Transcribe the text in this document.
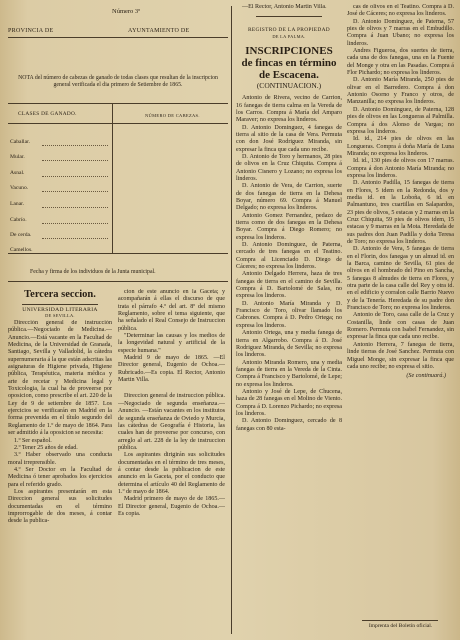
Número 3º
PROVINCIA DE	AYUNTAMIENTO DE
NOTA del número de cabezas de ganado de todas clases que resultan de la inscripcion general verificada el dia primero de Setiembre de 1865.
CLASES DE GANADO.	NÚMERO DE CABEZAS.
Caballar.
Mular.
Asnal.
Vacuno.
Lanar.
Cabrío.
De cerda.
Camellos.
Fecha y firma de los individuos de la Junta municipal.
Tercera seccion.
UNIVERSIDAD LITERARIA
DE SEVILLA.

Dirección general de instrucción pública.—Negociado de Medicina.—Anuncio.—Está vacante en la Facultad de Medicina, de la Universidad de Granada, Santiago, Sevilla y Valladolid, la cátedra supernumeraria á la que están adscritas las asignaturas de Higiene privada, Higiene pública, Terapéutica, materia médica y arte de recetar y Medicina legal y Toxicologia, la cual ha de proveerse por oposicion, como prescribe el art. 220 de la Ley de 9 de setiembre de 1857. Los ejercicios se verificarán en Madrid en la forma prevenida en el título segundo del Reglamento de 1.º de mayo de 1864. Para ser admitido á la oposicion se necesita:

1.º Ser español.

2.º Tener 25 años de edad.

3.º Haber observado una conducta moral irreprensible.

4.º Ser Doctor en la Facultad de Medicina ó tener aprobados los ejercicios para el referido grado.

Los aspirantes presentarán en esta Direccion general sus solicitudes documentadas en el término improrrogable de dos meses, á contar desde la publica-

cion de este anuncio en la Gaceta; y acompañarán á ellas el discurso de que trata el párrafo 4.º del art. 8º del mismo Reglamento, sobre el tema siguiente, que ha señalado el Real Consejo de Instruccion pública.

"Determinar las causas y los medios de la longevidad natural y artificial de la especie humana."

Madrid 9 de mayo de 1865. —El Director general, Eugenio de Ochoa.—Rubricado.—Es copia. El Rector, Antonio Martin Villa.

Direccion general de instruccion pública.—Negociado de segunda enseñanza.—Anuncio. —Están vacantes en los institutos de segunda enseñanza de Oviedo y Murcia, las cátedras de Geografía é Historia, las cuales han de proveerse por concurso, con arreglo al art. 228 de la ley de instruccion pública.

Los aspirantes dirigirán sus solicitudes documentadas en el término de tres meses, á contar desde la publicacion de este anuncio en la Gaceta, por el conducto que determina el artículo 40 del Reglamento de 1.º de mayo de 1864.

Madrid primero de mayo de de 1865.—El Director general, Eugenio de Ochoa.—Es copia.

—El Rector, Antonio Martin Villa.

REGISTRO DE LA PROPIEDAD
DE LA PALMA.
INSCRIPCIONES
de fincas en término
de Escacena.
(CONTINUACION.)

Antonio de Rivera, vecino de Carrion, 16 fanegas de tierra calma en la Vereda de los Carros. Compra á María del Amparo Maraver; no expresa los linderos.

D. Antonio Dominguez, 4 fanegas de tierra al sitio de la casa de Vera. Permuta con don José Rodriguez Miranda, sin expresar la finca que cada uno recibe.

D. Antonio de Toro y hermanos, 28 pies de olivos en la Cruz Chiquita. Compra á Antonio Cisnero y Lozano; no expresa los linderos.

D. Antonio de Vera, de Carrion, suerte de dos fanegas de tierra en la Dehesa Boyar, número 69. Compra á Manuel Delgado; no expresa los linderos.

Antonio Gomez Fernandez, pedazo de tierra como de dos fanegas en la Dehesa Boyar. Compra á Diego Romero; no expresa los linderos.

D. Antonio Dominguez, de Paterna, cercado de tres fanegas en el Teatino. Compra al Licenciado D. Diego de Cáceres; no expresa los linderos.

Antonio Delgado Herrera, haza de tres fanegas de tierra en el camino de Sevilla. Compra á D. Bartolomé de Salas, no expresa los linderos.

D. Antonio María Miranda y D. Francisco de Toro, olivar llamado los Cabrones. Compra á D. Pedro Ortega; no expresa los linderos.

Antonio Ortega, una y media fanega de tierra en Algarrobo. Compra á D. José Rodriguez Miranda, de Sevilla; no expresa los linderos.

Antonio Miranda Romero, una y media fanegas de tierra en la Vereda de la Cinta. Compra á Francisco y Bartolomé, de Lepe; no expresa los linderos.

Antonio y José de Lepe, de Chucena, haza de 28 fanegas en el Molino de Viento. Compra á D. Lorenzo Pichardo; no expresa los linderos.

D. Antonio Dominguez, cercado de 8 fanegas con 80 esta-

cas de olivos en el Teatino. Compra á D. José de Cáceres; no expresa los linderos.

D. Antonio Dominguez, de Paterna, 57 pies de olivos y 7 marras en el Embudillo. Compra á Juan Ubano; no expresa los linderos.

Andres Figueroa, dos suertes de tierra, cada una de dos fanegas, una en la Fuente del Monge y otra en las Pasadas. Compra á Flor Pichardo; no expresa los linderos.

D. Antonio María Miranda, 250 pies de olivar en el Barredero. Compra á don Antonio Osorno y Franco y otros, de Manzanilla; no expresa los linderos.

D. Antonio Dominguez, de Paterna, 128 pies de olivos en las Longueras al Palmilla. Compra á dos Alonso de Vargas; no expresa los linderos.

Id. id., 214 pies de olivos en las Longueras. Compra á doña María de Luna Miranda; no expresa los linderos.

Id. id., 130 pies de olivos con 17 marras. Compra á don Antonio María Miranda; no expresa los linderos.

D. Antonio Padilla, 15 fanegas de tierra en Flores, 5 idem en la Redonda, dos y media id. en la Loboña, 6 id. en Palmantuno, tres cuartillas en Salapardos, 23 pies de olivos, 5 estacas y 2 marras en la Cruz Chiquita, 59 pies de olivos idem, 15 estacas y 9 marras en la Mota. Heredada de sus padres don Juan Padilla y doña Teresa de Toro; no expresa los linderos.

D. Antonio de Vera, 5 fanegas de tierra en el Florin, dos fanegas y un almud id. en la Barca, camino de Sevilla, 61 pies de olivos en el hombrado del Pino en Sancha, 5 fanegas 8 almudes de tierra en Flores, y otra parte de la casa calle del Rey y otra id. en el edificio y corralon calle Barrio Nuevo y de la Tenería. Heredada de su padre don Francisco de Toro; no expresa los linderos.

Antonio de Toro, casa calle de la Cruz y Costanilla, linde con casas de Juan Romero. Permuta con Isabel Fernandez, sin expresar la finca que cada uno recibe.

Antonio Herrera, 7 fanegas de tierra, linde tierras de José Sanchez. Permuta con Miguel Monge, sin expresar la finca que cada uno recibe; no expresa el sitio.

(Se continuará.)
Imprenta del Boletín oficial.
